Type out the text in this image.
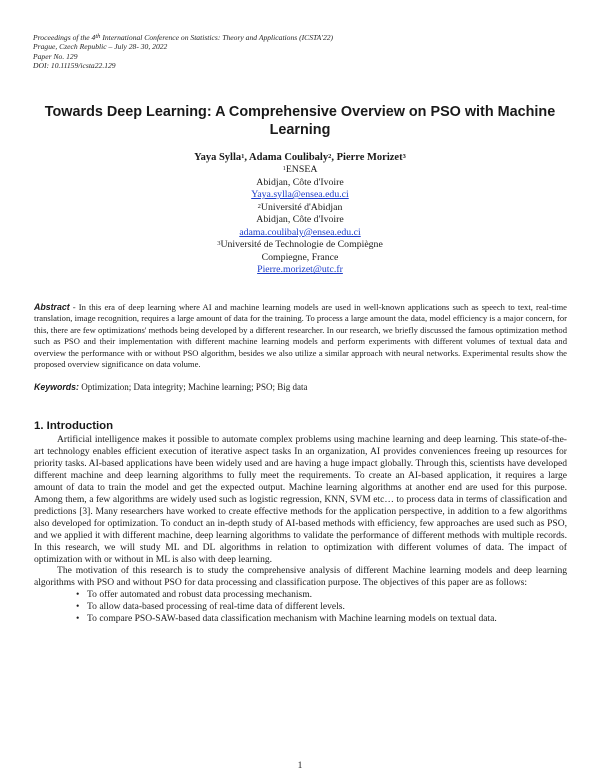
Proceedings of the 4th International Conference on Statistics: Theory and Applications (ICSTA'22)
Prague, Czech Republic – July 28- 30, 2022
Paper No. 129
DOI: 10.11159/icsta22.129
Towards Deep Learning: A Comprehensive Overview on PSO with Machine Learning
Yaya Sylla$^1$, Adama Coulibaly$^2$, Pierre Morizet$^3$
$^1$ENSEA
Abidjan, Côte d'Ivoire
Yaya.sylla@ensea.edu.ci
$^2$Université d'Abidjan
Abidjan, Côte d'Ivoire
adama.coulibaly@ensea.edu.ci
$^3$Université de Technologie de Compiègne
Compiegne, France
Pierre.morizet@utc.fr
Abstract - In this era of deep learning where AI and machine learning models are used in well-known applications such as speech to text, real-time translation, image recognition, requires a large amount of data for the training. To process a large amount the data, model efficiency is a major concern, for this, there are few optimizations' methods being developed by a different researcher. In our research, we briefly discussed the famous optimization method such as PSO and their implementation with different machine learning models and perform experiments with different volumes of textual data and overview the performance with or without PSO algorithm, besides we also utilize a similar approach with neural networks. Experimental results show the proposed overview significance on data volume.
Keywords: Optimization; Data integrity; Machine learning; PSO; Big data
1. Introduction

Artificial intelligence makes it possible to automate complex problems using machine learning and deep learning. This state-of-the-art technology enables efficient execution of iterative aspect tasks In an organization, AI provides conveniences freeing up resources for priority tasks. AI-based applications have been widely used and are having a huge impact globally. Through this, scientists have developed different machine and deep learning algorithms to fully meet the requirements. To create an AI-based application, it requires a large amount of data to train the model and get the expected output. Machine learning algorithms at another end are used for this purpose. Among them, a few algorithms are widely used such as logistic regression, KNN, SVM etc… to process data in terms of classification and predictions [3]. Many researchers have worked to create effective methods for the application perspective, in addition to a few algorithms also developed for optimization. To conduct an in-depth study of AI-based methods with efficiency, few approaches are used such as PSO, and we applied it with different machine, deep learning algorithms to validate the performance of different methods with multiple records. In this research, we will study ML and DL algorithms in relation to optimization with different volumes of data. The impact of optimization with or without in ML is also with deep learning.

The motivation of this research is to study the comprehensive analysis of different Machine learning models and deep learning algorithms with PSO and without PSO for data processing and classification purpose. The objectives of this paper are as follows:

• To offer automated and robust data processing mechanism.
• To allow data-based processing of real-time data of different levels.
• To compare PSO-SAW-based data classification mechanism with Machine learning models on textual data.
1
